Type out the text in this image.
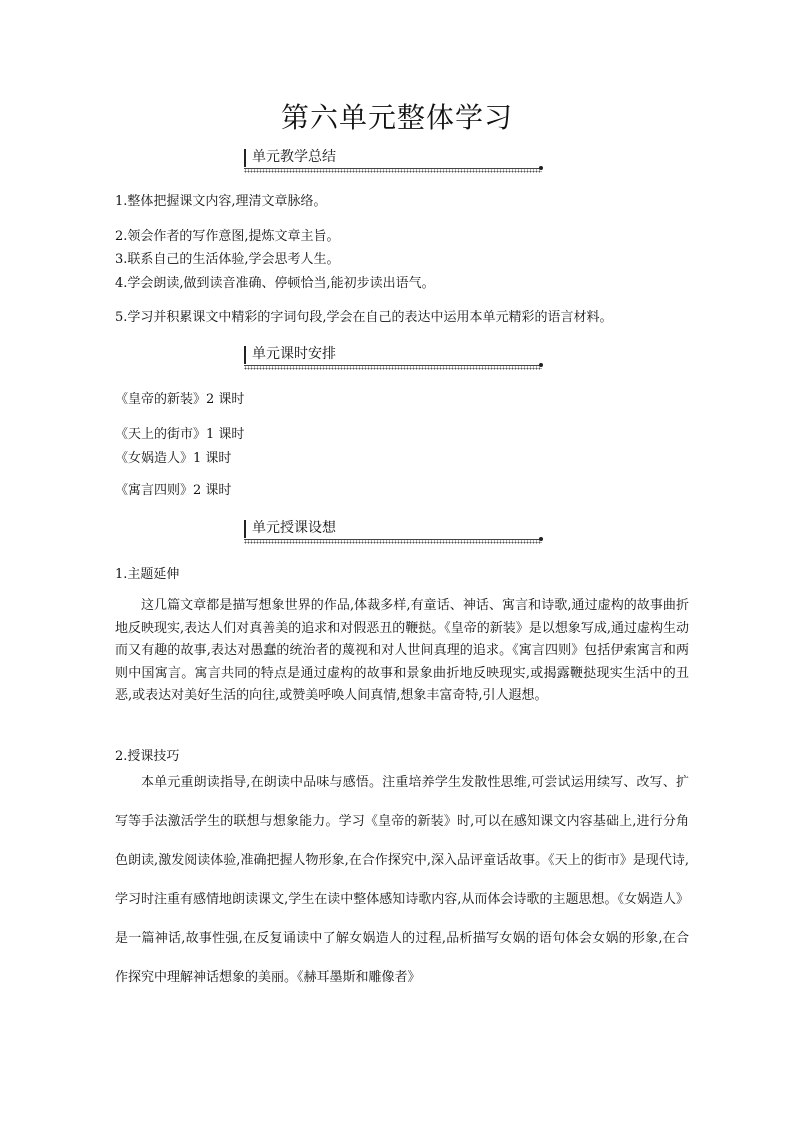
第六单元整体学习
单元教学总结
1.整体把握课文内容,理清文章脉络。
2.领会作者的写作意图,提炼文章主旨。
3.联系自己的生活体验,学会思考人生。
4.学会朗读,做到读音准确、停顿恰当,能初步读出语气。
5.学习并积累课文中精彩的字词句段,学会在自己的表达中运用本单元精彩的语言材料。
单元课时安排
《皇帝的新装》2 课时
《天上的街市》1 课时
《女娲造人》1 课时
《寓言四则》2 课时
单元授课设想
1.主题延伸

这几篇文章都是描写想象世界的作品,体裁多样,有童话、神话、寓言和诗歌,通过虚构的故事曲折地反映现实,表达人们对真善美的追求和对假恶丑的鞭挞。《皇帝的新装》是以想象写成,通过虚构生动而又有趣的故事,表达对愚蠢的统治者的蔑视和对人世间真理的追求。《寓言四则》包括伊索寓言和两则中国寓言。寓言共同的特点是通过虚构的故事和景象曲折地反映现实,或揭露鞭挞现实生活中的丑恶,或表达对美好生活的向往,或赞美呼唤人间真情,想象丰富奇特,引人遐想。

2.授课技巧

本单元重朗读指导,在朗读中品味与感悟。注重培养学生发散性思维,可尝试运用续写、改写、扩写等手法激活学生的联想与想象能力。学习《皇帝的新装》时,可以在感知课文内容基础上,进行分角色朗读,激发阅读体验,准确把握人物形象,在合作探究中,深入品评童话故事。《天上的街市》是现代诗,学习时注重有感情地朗读课文,学生在读中整体感知诗歌内容,从而体会诗歌的主题思想。《女娲造人》是一篇神话,故事性强,在反复诵读中了解女娲造人的过程,品析描写女娲的语句体会女娲的形象,在合作探究中理解神话想象的美丽。《赫耳墨斯和雕像者》
